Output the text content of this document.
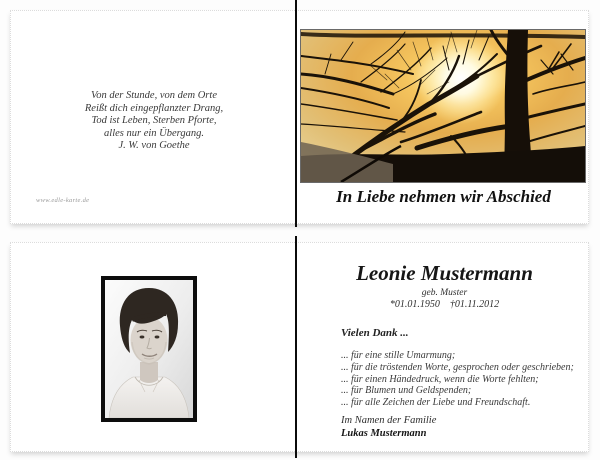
Von der Stunde, von dem Orte
Reißt dich eingepflanzter Drang,
Tod ist Leben, Sterben Pforte,
alles nur ein Übergang.
J. W. von Goethe
www.edle-karte.de	In Liebe nehmen wir Abschied
Leonie Mustermann
geb. Muster
*01.01.1950 †01.11.2012
Vielen Dank ...
... für eine stille Umarmung;
... für die tröstenden Worte, gesprochen oder geschrieben;
... für einen Händedruck, wenn die Worte fehlten;
... für Blumen und Geldspenden;
... für alle Zeichen der Liebe und Freundschaft.
Im Namen der Familie
Lukas Mustermann
